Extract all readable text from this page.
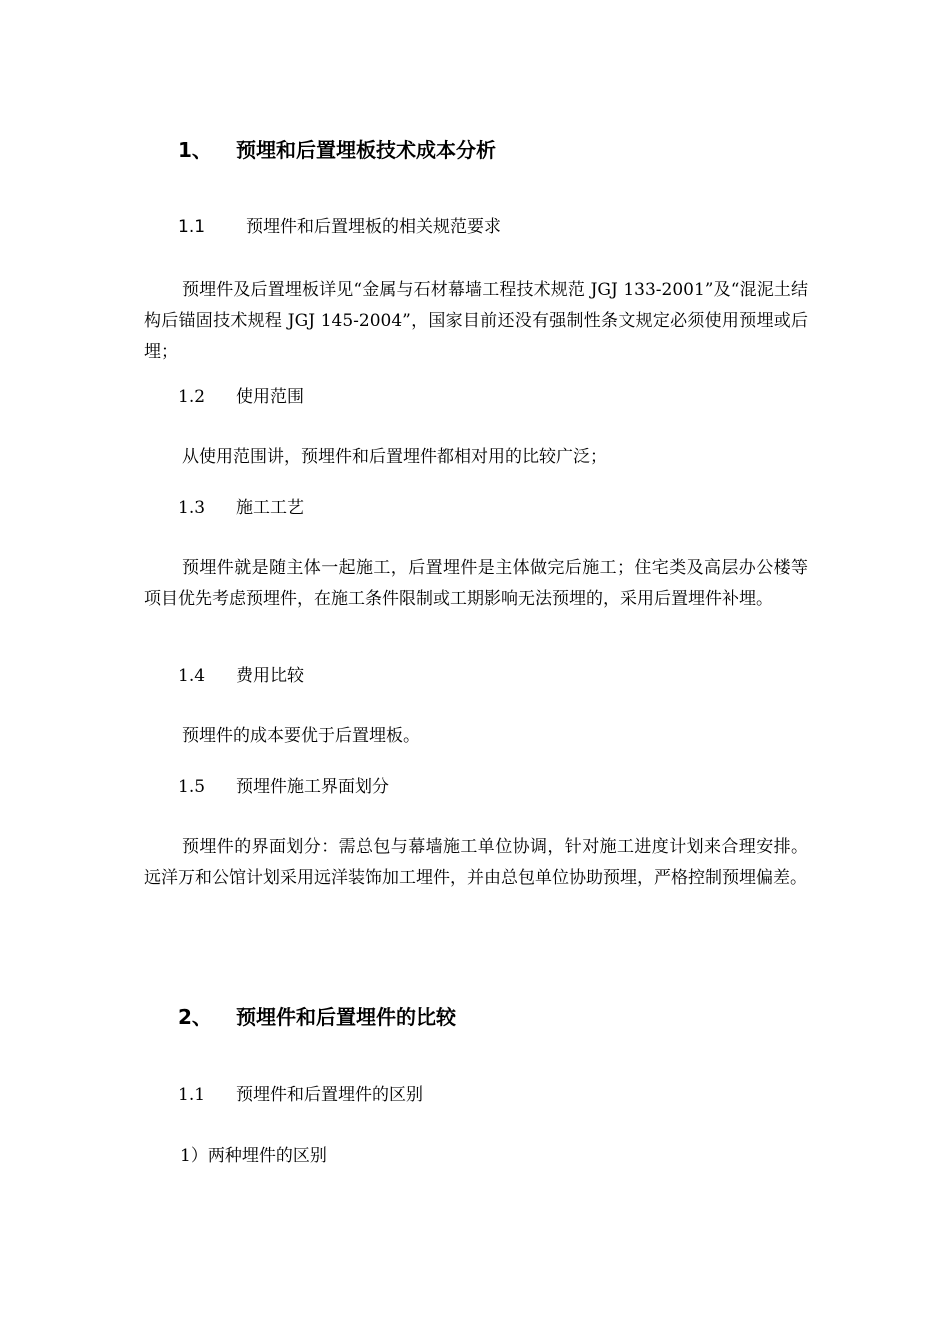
1、 预埋和后置埋板技术成本分析
1.1 预埋件和后置埋板的相关规范要求
预埋件及后置埋板详见“金属与石材幕墙工程技术规范 JGJ 133-2001”及“混泥土结构后锚固技术规程 JGJ 145-2004”，国家目前还没有强制性条文规定必须使用预埋或后埋；
1.2 使用范围
从使用范围讲，预埋件和后置埋件都相对用的比较广泛；
1.3 施工工艺
预埋件就是随主体一起施工，后置埋件是主体做完后施工；住宅类及高层办公楼等项目优先考虑预埋件，在施工条件限制或工期影响无法预埋的，采用后置埋件补埋。
1.4 费用比较
预埋件的成本要优于后置埋板。
1.5 预埋件施工界面划分
预埋件的界面划分：需总包与幕墙施工单位协调，针对施工进度计划来合理安排。远洋万和公馆计划采用远洋装饰加工埋件，并由总包单位协助预埋，严格控制预埋偏差。
2、 预埋件和后置埋件的比较
1.1 预埋件和后置埋件的区别
1）两种埋件的区别
